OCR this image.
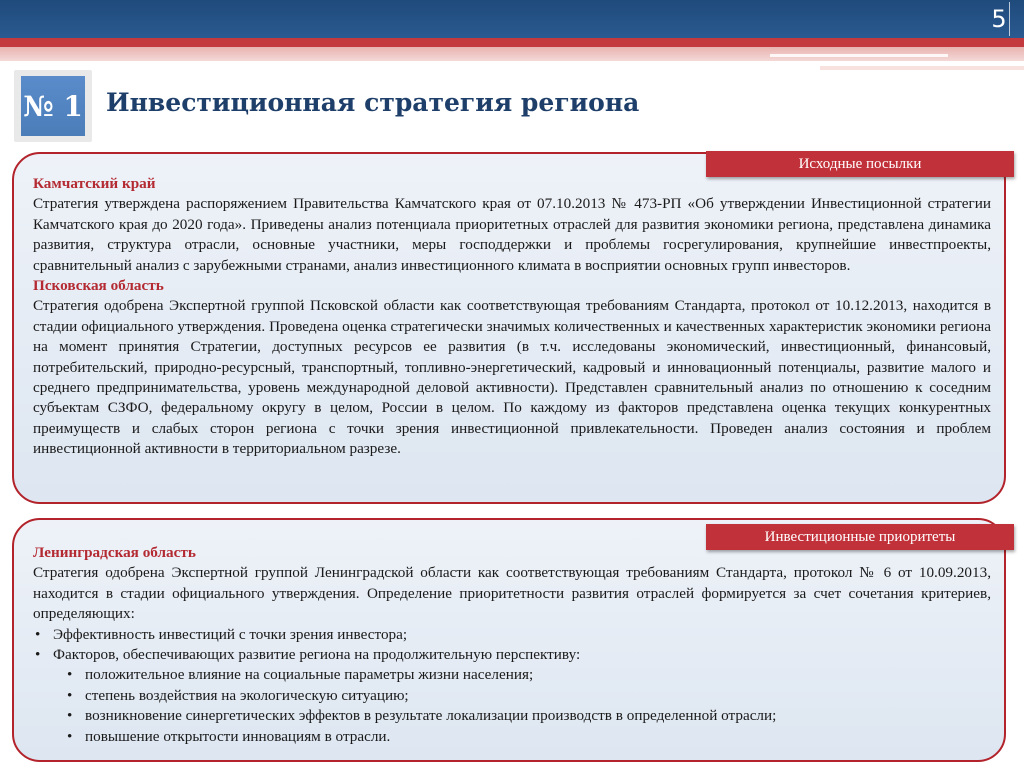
5
№ 1 Инвестиционная стратегия региона
Исходные посылки
Камчатский край
Стратегия утверждена распоряжением Правительства Камчатского края от 07.10.2013 № 473-РП «Об утверждении Инвестиционной стратегии Камчатского края до 2020 года». Приведены анализ потенциала приоритетных отраслей для развития экономики региона, представлена динамика развития, структура отрасли, основные участники, меры господдержки и проблемы госрегулирования, крупнейшие инвестпроекты, сравнительный анализ с зарубежными странами, анализ инвестиционного климата в восприятии основных групп инвесторов.
Псковская область
Стратегия одобрена Экспертной группой Псковской области как соответствующая требованиям Стандарта, протокол от 10.12.2013, находится в стадии официального утверждения. Проведена оценка стратегически значимых количественных и качественных характеристик экономики региона на момент принятия Стратегии, доступных ресурсов ее развития (в т.ч. исследованы экономический, инвестиционный, финансовый, потребительский, природно-ресурсный, транспортный, топливно-энергетический, кадровый и инновационный потенциалы, развитие малого и среднего предпринимательства, уровень международной деловой активности). Представлен сравнительный анализ по отношению к соседним субъектам СЗФО, федеральному округу в целом, России в целом. По каждому из факторов представлена оценка текущих конкурентных преимуществ и слабых сторон региона с точки зрения инвестиционной привлекательности. Проведен анализ состояния и проблем инвестиционной активности в территориальном разрезе.
Инвестиционные приоритеты
Ленинградская область
Стратегия одобрена Экспертной группой Ленинградской области как соответствующая требованиям Стандарта, протокол № 6 от 10.09.2013, находится в стадии официального утверждения. Определение приоритетности развития отраслей формируется за счет сочетания критериев, определяющих:
• Эффективность инвестиций с точки зрения инвестора;
• Факторов, обеспечивающих развитие региона на продолжительную перспективу:
• положительное влияние на социальные параметры жизни населения;
• степень воздействия на экологическую ситуацию;
• возникновение синергетических эффектов в результате локализации производств в определенной отрасли;
• повышение открытости инновациям в отрасли.
